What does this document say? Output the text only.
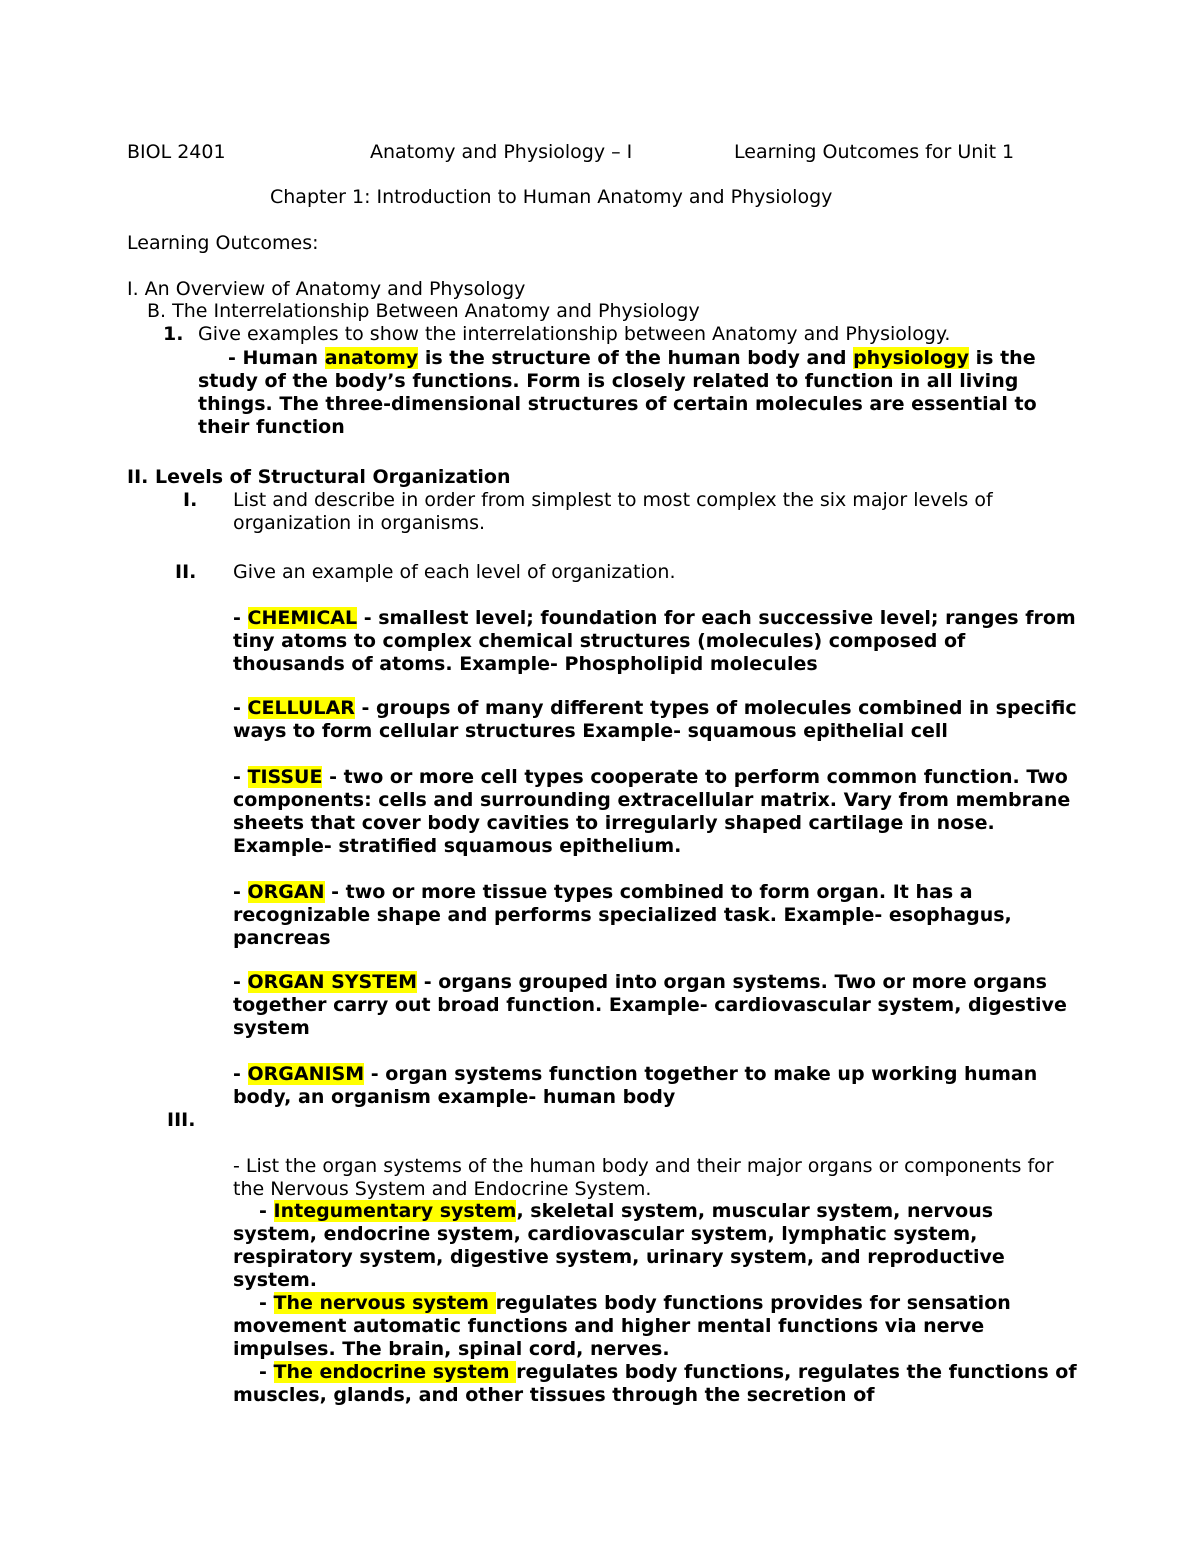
BIOL 2401	Anatomy and Physiology – I	Learning Outcomes for Unit 1
Chapter 1: Introduction to Human Anatomy and Physiology
Learning Outcomes:
I. An Overview of Anatomy and Physology
B. The Interrelationship Between Anatomy and Physiology
1. Give examples to show the interrelationship between Anatomy and Physiology.
- Human anatomy is the structure of the human body and physiology is the study of the body’s functions. Form is closely related to function in all living things. The three-dimensional structures of certain molecules are essential to their function
II. Levels of Structural Organization
I. List and describe in order from simplest to most complex the six major levels of organization in organisms.
II. Give an example of each level of organization.
- CHEMICAL - smallest level; foundation for each successive level; ranges from tiny atoms to complex chemical structures (molecules) composed of thousands of atoms. Example- Phospholipid molecules
- CELLULAR - groups of many different types of molecules combined in specific ways to form cellular structures Example- squamous epithelial cell
- TISSUE - two or more cell types cooperate to perform common function. Two components: cells and surrounding extracellular matrix. Vary from membrane sheets that cover body cavities to irregularly shaped cartilage in nose. Example- stratified squamous epithelium.
- ORGAN - two or more tissue types combined to form organ. It has a recognizable shape and performs specialized task. Example- esophagus, pancreas
- ORGAN SYSTEM - organs grouped into organ systems. Two or more organs together carry out broad function. Example- cardiovascular system, digestive system
- ORGANISM - organ systems function together to make up working human body, an organism example- human body
III.
- List the organ systems of the human body and their major organs or components for the Nervous System and Endocrine System.
- Integumentary system, skeletal system, muscular system, nervous system, endocrine system, cardiovascular system, lymphatic system, respiratory system, digestive system, urinary system, and reproductive system.
- The nervous system regulates body functions provides for sensation movement automatic functions and higher mental functions via nerve impulses. The brain, spinal cord, nerves.
- The endocrine system regulates body functions, regulates the functions of muscles, glands, and other tissues through the secretion of
